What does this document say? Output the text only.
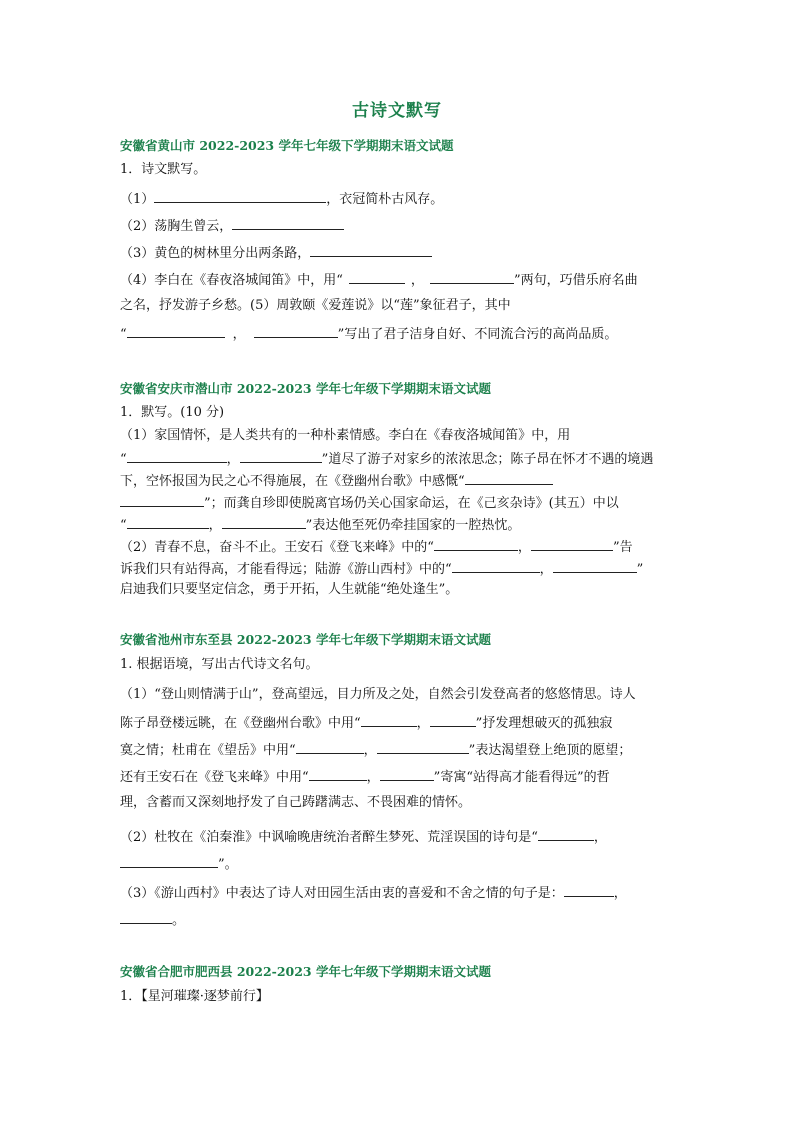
古诗文默写
安徽省黄山市 2022-2023 学年七年级下学期期末语文试题
1．诗文默写。
（1）	，衣冠简朴古风存。
（2）荡胸生曾云，
（3）黄色的树林里分出两条路，
（4）李白在《春夜洛城闻笛》中，用“	，	”两句，巧借乐府名曲
之名，抒发游子乡愁。(5）周敦颐《爱莲说》以“莲”象征君子，其中
“	，	”写出了君子洁身自好、不同流合污的高尚品质。
安徽省安庆市潜山市 2022-2023 学年七年级下学期期末语文试题
1．默写。(10 分)
（1）家国情怀，是人类共有的一种朴素情感。李白在《春夜洛城闻笛》中，用
“	，	”道尽了游子对家乡的浓浓思念；陈子昂在怀才不遇的境遇
下，空怀报国为民之心不得施展，在《登幽州台歌》中感慨“
”；而龚自珍即使脱离官场仍关心国家命运，在《己亥杂诗》(其五）中以
“	，	”表达他至死仍牵挂国家的一腔热忱。
（2）青春不息，奋斗不止。王安石《登飞来峰》中的“	，	”告
诉我们只有站得高，才能看得远；陆游《游山西村》中的“	，	”
启迪我们只要坚定信念，勇于开拓，人生就能“绝处逢生”。
安徽省池州市东至县 2022-2023 学年七年级下学期期末语文试题
1. 根据语境，写出古代诗文名句。
（1）“登山则情满于山”，登高望远，目力所及之处，自然会引发登高者的悠悠情思。诗人
陈子昂登楼远眺，在《登幽州台歌》中用“	，	”抒发理想破灭的孤独寂
寞之情；杜甫在《望岳》中用“	，	”表达渴望登上绝顶的愿望；
还有王安石在《登飞来峰》中用“	，	”寄寓“站得高才能看得远”的哲
理，含蓄而又深刻地抒发了自己踌躇满志、不畏困难的情怀。
（2）杜牧在《泊秦淮》中讽喻晚唐统治者醉生梦死、荒淫误国的诗句是“	，
”。
（3）《游山西村》中表达了诗人对田园生活由衷的喜爱和不舍之情的句子是：	，
。
安徽省合肥市肥西县 2022-2023 学年七年级下学期期末语文试题
1．【星河璀璨·逐梦前行】
